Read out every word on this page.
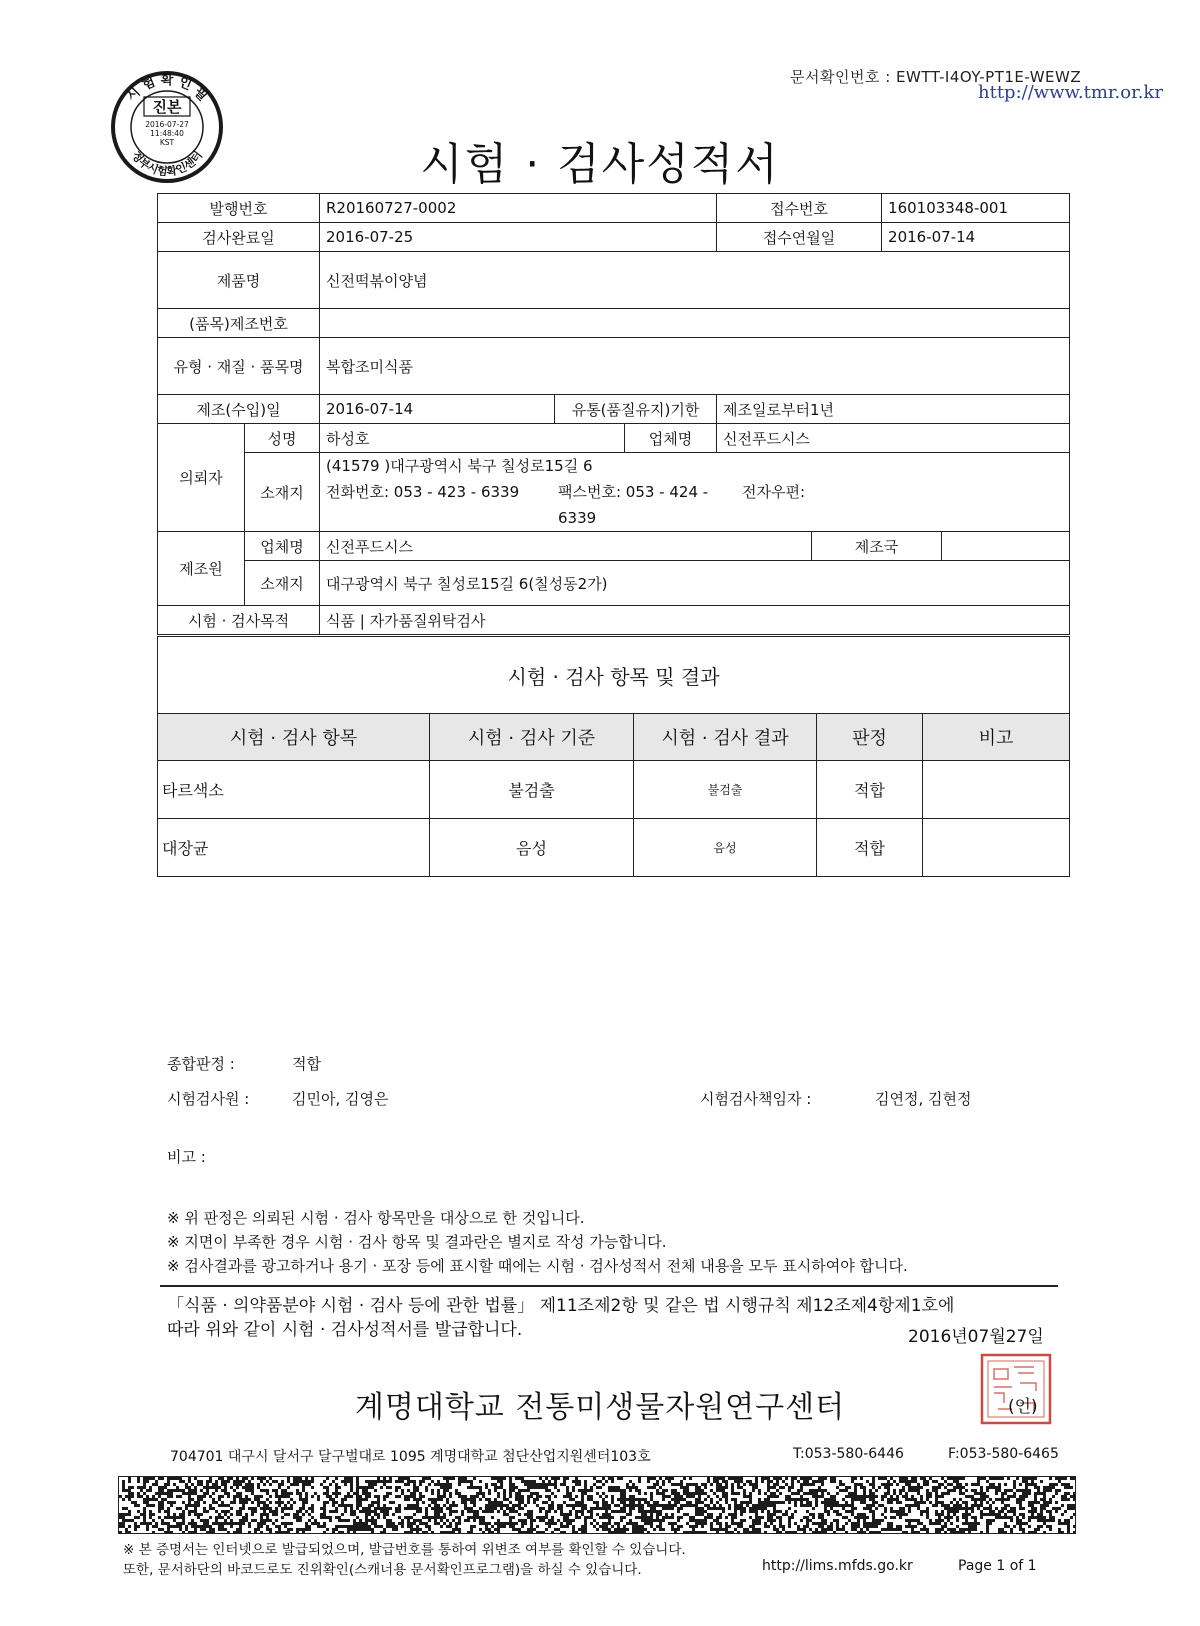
문서확인번호 : EWTT-I4OY-PT1E-WEWZ
http://www.tmr.or.kr
시 험 확 인 필
정부시험확인센터
진본
2016-07-27
11:48:40
KST	시험 · 검사성적서
발행번호		R20160727-0002			접수번호		160103348-001	
검사완료일		2016-07-25			접수연월일		2016-07-14	
제품명		신전떡볶이양념						
(품목)제조번호								
유형 · 재질 · 품목명		복합조미식품						
제조(수입)일		2016-07-14	유통(품질유지)기한		제조일로부터1년			
의뢰자	성명	하성호		업체명	신전푸드시스			
	소재지	(41579 )대구광역시 북구 칠성로15길 6
전화번호: 053 - 423 - 6339 팩스번호: 053 - 424 - 6339
전자우편:						

제조원	업체명	신전푸드시스				제조국		
	소재지	대구광역시 북구 칠성로15길 6(칠성동2가)						
시험 · 검사목적		식품 | 자가품질위탁검사						
시험 · 검사 항목 및 결과				
시험 · 검사 항목	시험 · 검사 기준	시험 · 검사 결과	판정	비고
타르색소	불검출	불검출	적합	
대장균	음성	음성	적합	
종합판정 :	적합
시험검사원 :	김민아, 김영은	시험검사책임자 :	김연정, 김현정
비고 :
※ 위 판정은 의뢰된 시험 · 검사 항목만을 대상으로 한 것입니다.
※ 지면이 부족한 경우 시험 · 검사 항목 및 결과란은 별지로 작성 가능합니다.
※ 검사결과를 광고하거나 용기 · 포장 등에 표시할 때에는 시험 · 검사성적서 전체 내용을 모두 표시하여야 합니다.
「식품 · 의약품분야 시험 · 검사 등에 관한 법률」 제11조제2항 및 같은 법 시행규칙 제12조제4항제1호에
따라 위와 같이 시험 · 검사성적서를 발급합니다.	2016년07월27일
계명대학교 전통미생물자원연구센터	(인)
704701 대구시 달서구 달구벌대로 1095 계명대학교 첨단산업지원센터103호	T:053-580-6446	F:053-580-6465
※ 본 증명서는 인터넷으로 발급되었으며, 발급번호를 통하여 위변조 여부를 확인할 수 있습니다.
또한, 문서하단의 바코드로도 진위확인(스캐너용 문서확인프로그램)을 하실 수 있습니다.	http://lims.mfds.go.kr	Page 1 of 1
